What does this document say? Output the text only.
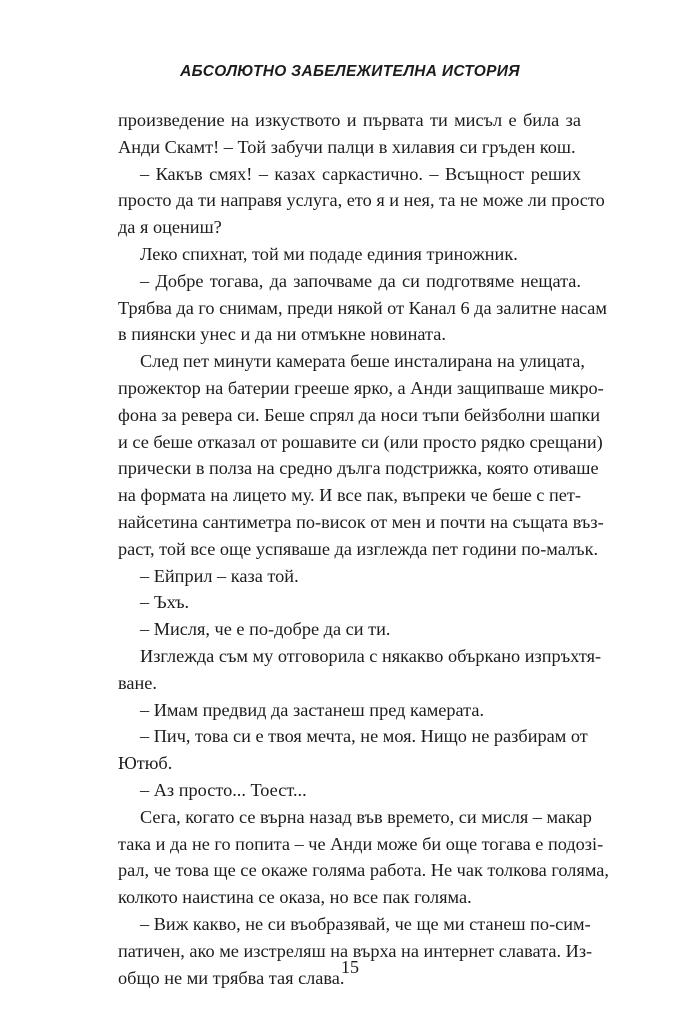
АБСОЛЮТНО ЗАБЕЛЕЖИТЕЛНА ИСТОРИЯ
произведение на изкуството и първата ти мисъл е била за
Анди Скамт! – Той забучи палци в хилавия си гръден кош.
– Какъв смях! – казах саркастично. – Всъщност реших
просто да ти направя услуга, ето я и нея, та не може ли просто
да я оцениш?
Леко спихнат, той ми подаде единия триножник.
– Добре тогава, да започваме да си подготвяме нещата.
Трябва да го снимам, преди някой от Канал 6 да залитне насам
в пиянски унес и да ни отмъкне новината.
След пет минути камерата беше инсталирана на улицата,
прожектор на батерии грееше ярко, а Анди защипваше микро-
фона за ревера си. Беше спрял да носи тъпи бейзболни шапки
и се беше отказал от рошавите си (или просто рядко срещани)
прически в полза на средно дълга подстрижка, която отиваше
на формата на лицето му. И все пак, въпреки че беше с пет-
найсетина сантиметра по-висок от мен и почти на същата въз-
раст, той все още успяваше да изглежда пет години по-малък.
– Ейприл – каза той.
– Ъхъ.
– Мисля, че е по-добре да си ти.
Изглежда съм му отговорила с някакво объркано изпръхтя-
ване.
– Имам предвид да застанеш пред камерата.
– Пич, това си е твоя мечта, не моя. Нищо не разбирам от
Ютюб.
– Аз просто... Тоест...
Сега, когато се върна назад във времето, си мисля – макар
така и да не го попита – че Анди може би още тогава е подозі-
рал, че това ще се окаже голяма работа. Не чак толкова голяма,
колкото наистина се оказа, но все пак голяма.
– Виж какво, не си въобразявай, че ще ми станеш по-сим-
патичен, ако ме изстреляш на върха на интернет славата. Из-
общо не ми трябва тая слава.
15
